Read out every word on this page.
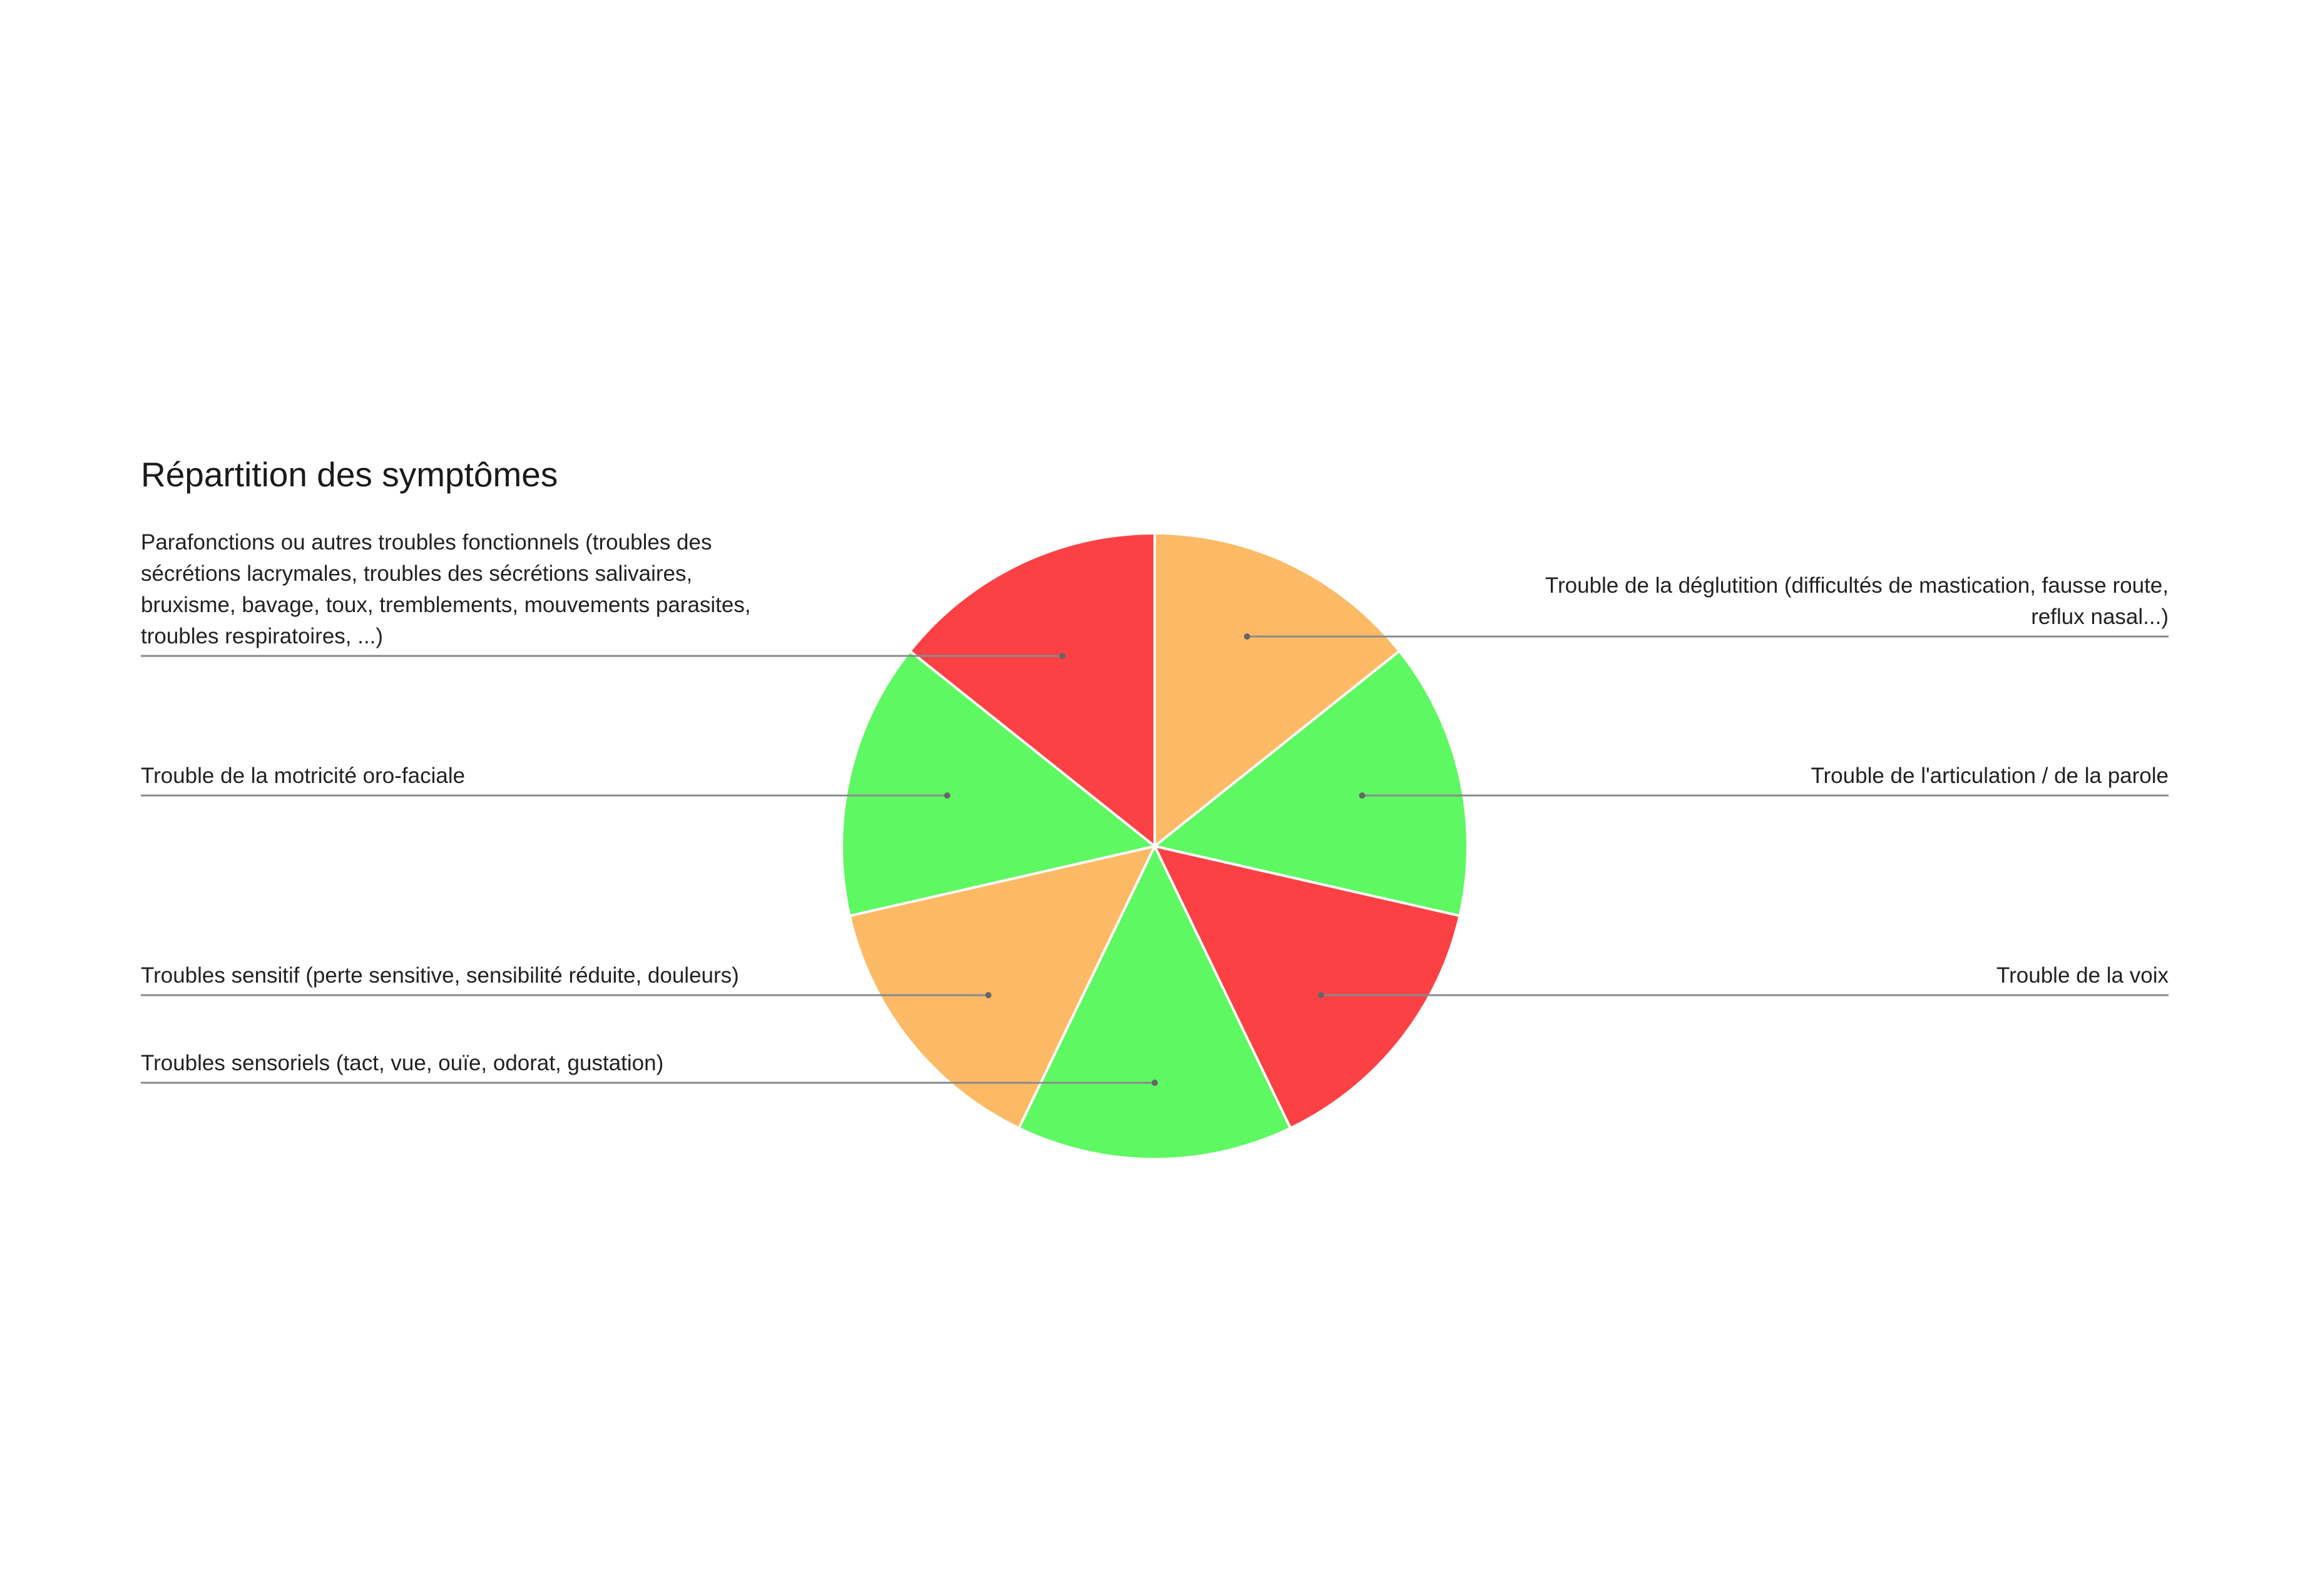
Répartition des symptômes
Trouble de la déglutition (difficultés de mastication, fausse route, reflux nasal...)
Trouble de l'articulation / de la parole
Trouble de la voix
Troubles sensoriels (tact, vue, ouïe, odorat, gustation)
Troubles sensitif (perte sensitive, sensibilité réduite, douleurs)
Trouble de la motricité oro-faciale
Parafonctions ou autres troubles fonctionnels (troubles des sécrétions lacrymales, troubles des sécrétions salivaires, bruxisme, bavage, toux, tremblements, mouvements parasites, troubles respiratoires, ...)
